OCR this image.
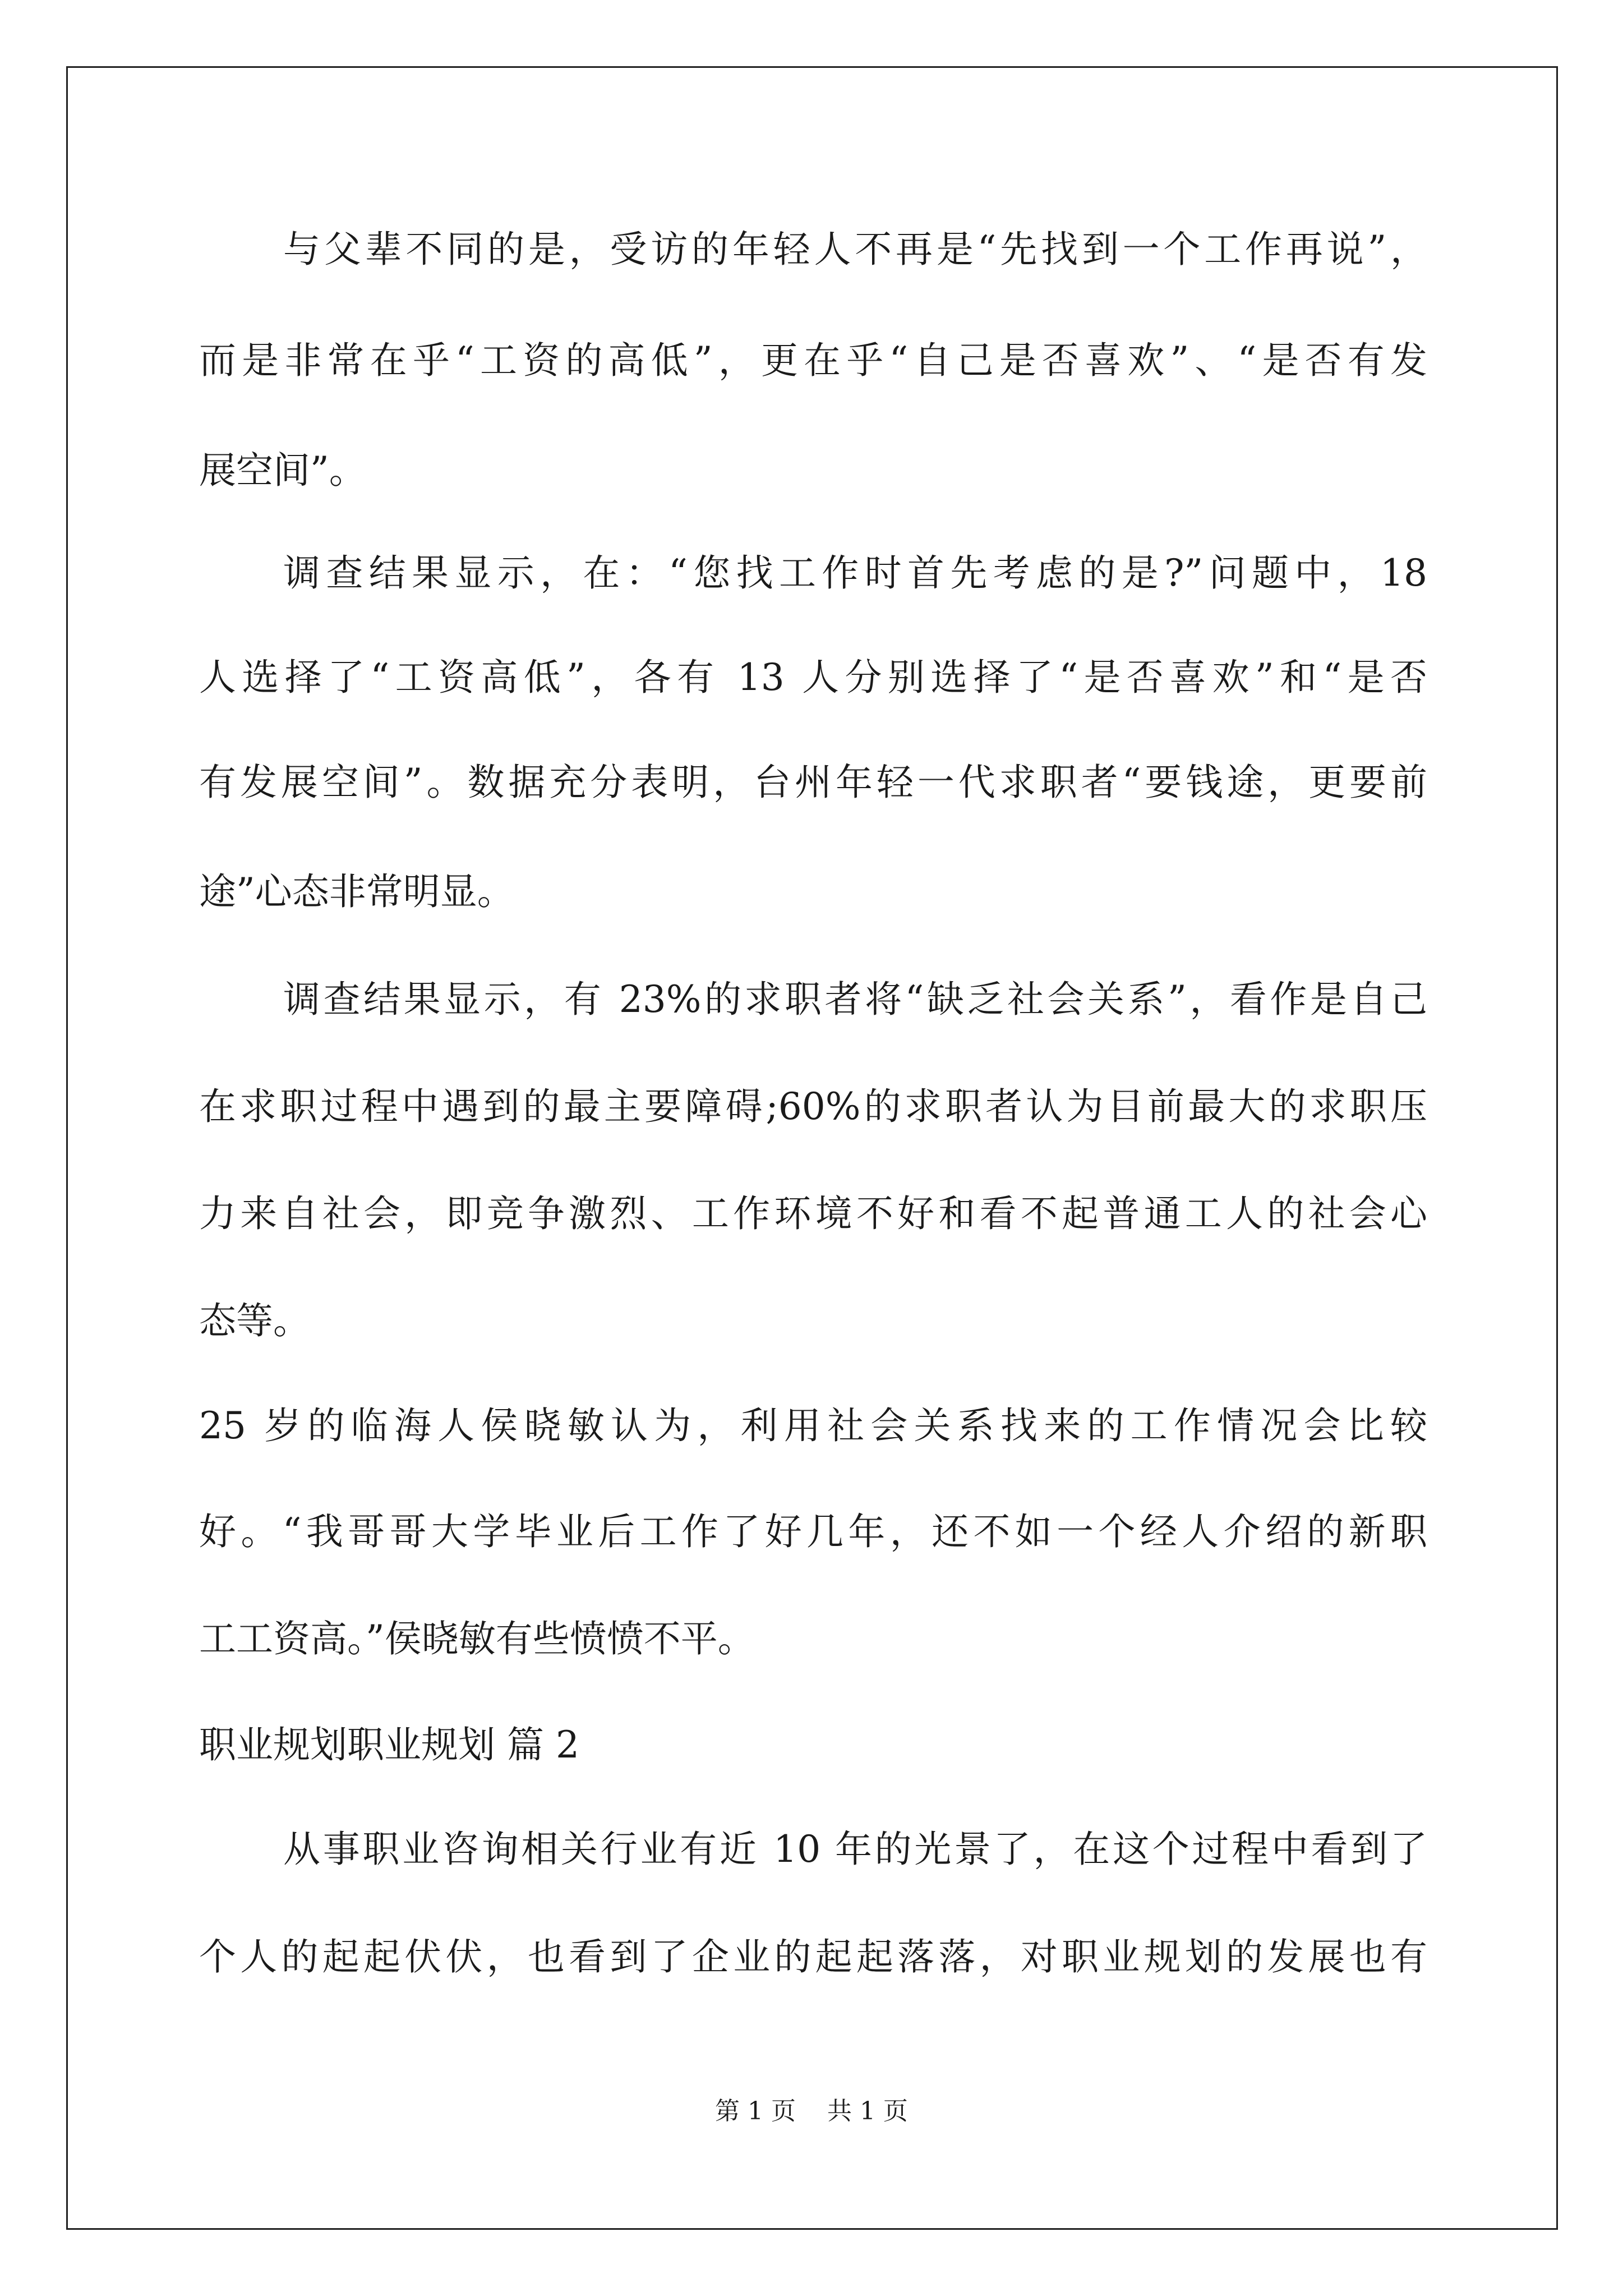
与父辈不同的是，受访的年轻人不再是“先找到一个工作再说”，
而是非常在乎“工资的高低”，更在乎“自己是否喜欢”、“是否有发
展空间”。
调查结果显示，在：“您找工作时首先考虑的是?”问题中，18
人选择了“工资高低”，各有 13 人分别选择了“是否喜欢”和“是否
有发展空间”。数据充分表明，台州年轻一代求职者“要钱途，更要前
途”心态非常明显。
调查结果显示，有 23%的求职者将“缺乏社会关系”，看作是自己
在求职过程中遇到的最主要障碍;60%的求职者认为目前最大的求职压
力来自社会，即竞争激烈、工作环境不好和看不起普通工人的社会心
态等。
25 岁的临海人侯晓敏认为，利用社会关系找来的工作情况会比较
好。“我哥哥大学毕业后工作了好几年，还不如一个经人介绍的新职
工工资高。”侯晓敏有些愤愤不平。
职业规划职业规划 篇 2
从事职业咨询相关行业有近 10 年的光景了，在这个过程中看到了
个人的起起伏伏，也看到了企业的起起落落，对职业规划的发展也有
第 1 页    共 1 页
